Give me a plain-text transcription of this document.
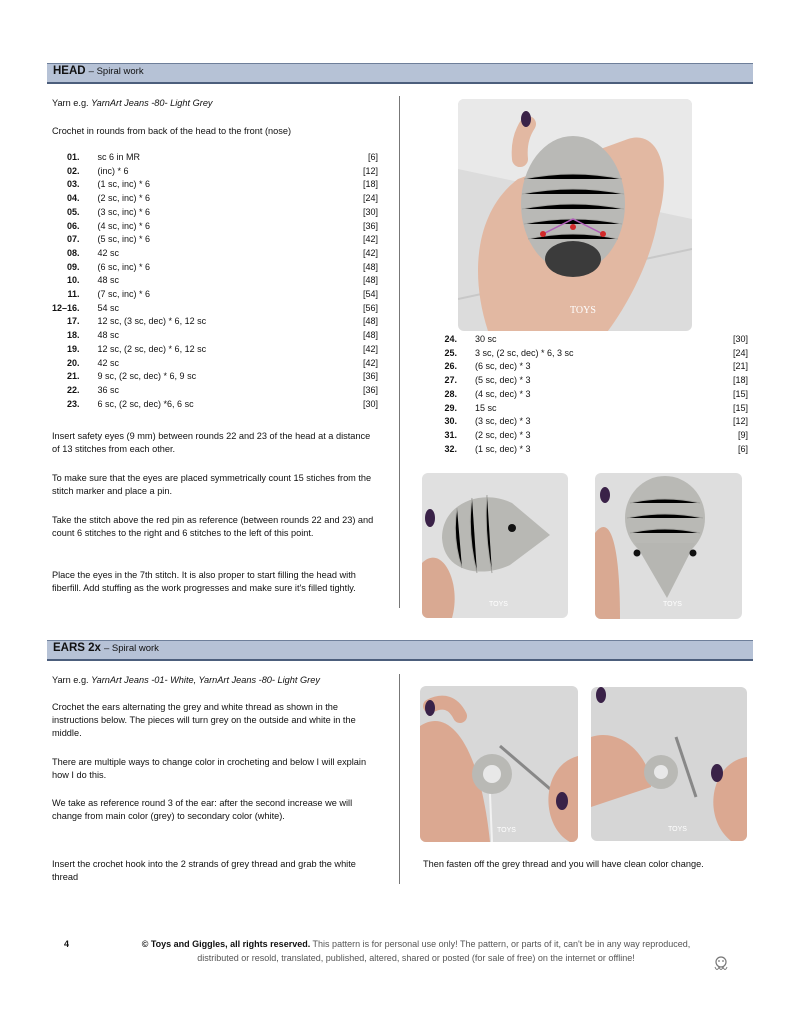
HEAD – Spiral work
Yarn e.g. YarnArt Jeans -80- Light Grey
Crochet in rounds from back of the head to the front (nose)
01.	sc 6 in MR	[6]
02.	(inc) * 6	[12]
03.	(1 sc, inc) * 6	[18]
04.	(2 sc, inc) * 6	[24]
05.	(3 sc, inc) * 6	[30]
06.	(4 sc, inc) * 6	[36]
07.	(5 sc, inc) * 6	[42]
08.	42 sc	[42]
09.	(6 sc, inc) * 6	[48]
10.	48 sc	[48]
11.	(7 sc, inc) * 6	[54]
12–16.	54 sc	[56]
17.	12 sc, (3 sc, dec) * 6, 12 sc	[48]
18.	48 sc	[48]
19.	12 sc, (2 sc, dec) * 6, 12 sc	[42]
20.	42 sc	[42]
21.	9 sc, (2 sc, dec) * 6, 9 sc	[36]
22.	36 sc	[36]
23.	6 sc, (2 sc, dec) *6, 6 sc	[30]
TOYS
24.	30 sc	[30]
25.	3 sc, (2 sc, dec) * 6, 3 sc	[24]
26.	(6 sc, dec) * 3	[21]
27.	(5 sc, dec) * 3	[18]
28.	(4 sc, dec) * 3	[15]
29.	15 sc	[15]
30.	(3 sc, dec) * 3	[12]
31.	(2 sc, dec) * 3	[9]
32.	(1 sc, dec) * 3	[6]
Insert safety eyes (9 mm) between rounds 22 and 23 of the head at a distance of 13 stitches from each other.
To make sure that the eyes are placed symmetrically count 15 stiches from the stitch marker and place a pin.
Take the stitch above the red pin as reference (between rounds 22 and 23) and count 6 stitches to the right and 6 stitches to the left of this point.
Place the eyes in the 7th stitch. It is also proper to start filling the head with fiberfill. Add stuffing as the work progresses and make sure it's filled tightly.
TOYS	TOYS
EARS 2x – Spiral work
Yarn e.g. YarnArt Jeans -01- White, YarnArt Jeans -80- Light Grey
Crochet the ears alternating the grey and white thread as shown in the instructions below. The pieces will turn grey on the outside and white in the middle.
There are multiple ways to change color in crocheting and below I will explain how I do this.
We take as reference round 3 of the ear: after the second increase we will change from main color (grey) to secondary color (white).
Insert the crochet hook into the 2 strands of grey thread and grab the white thread
TOYS	TOYS
Then fasten off the grey thread and you will have clean color change.
4	© Toys and Giggles, all rights reserved. This pattern is for personal use only! The pattern, or parts of it, can't be in any way reproduced,
distributed or resold, translated, published, altered, shared or posted (for sale of free) on the internet or offline!
